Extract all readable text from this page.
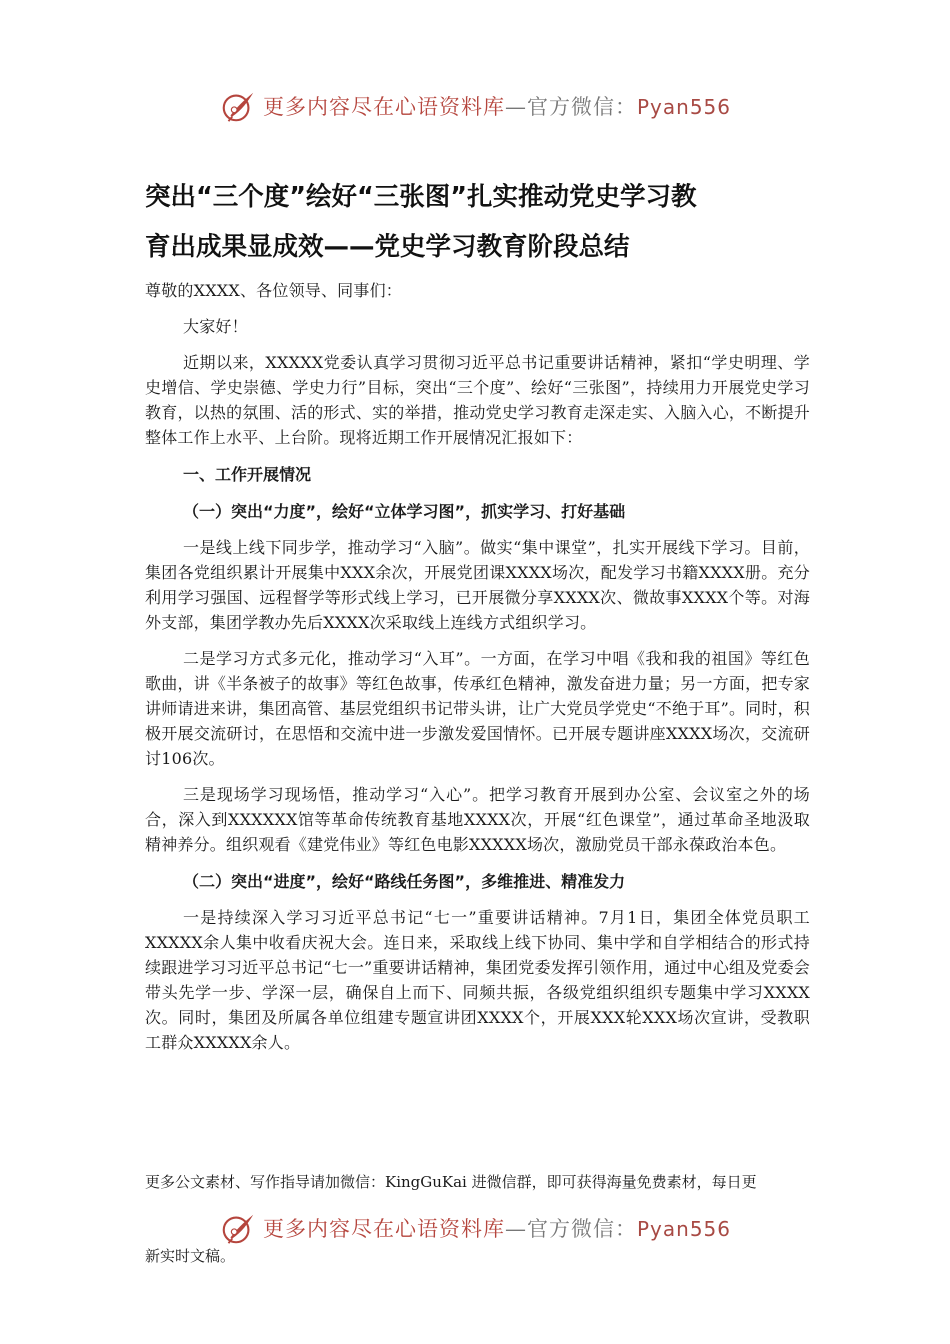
更多内容尽在心语资料库—官方微信：Pyan556
突出“三个度”绘好“三张图”扎实推动党史学习教
育出成果显成效——党史学习教育阶段总结

尊敬的XXXX、各位领导、同事们：

大家好！

近期以来，XXXXX党委认真学习贯彻习近平总书记重要讲话精神，紧扣“学史明理、学史增信、学史崇德、学史力行”目标，突出“三个度”、绘好“三张图”，持续用力开展党史学习教育，以热的氛围、活的形式、实的举措，推动党史学习教育走深走实、入脑入心，不断提升整体工作上水平、上台阶。现将近期工作开展情况汇报如下：

一、工作开展情况
（一）突出“力度”，绘好“立体学习图”，抓实学习、打好基础

一是线上线下同步学，推动学习“入脑”。做实“集中课堂”，扎实开展线下学习。目前，集团各党组织累计开展集中XXX余次，开展党团课XXXX场次，配发学习书籍XXXX册。充分利用学习强国、远程督学等形式线上学习，已开展微分享XXXX次、微故事XXXX个等。对海外支部，集团学教办先后XXXX次采取线上连线方式组织学习。

二是学习方式多元化，推动学习“入耳”。一方面，在学习中唱《我和我的祖国》等红色歌曲，讲《半条被子的故事》等红色故事，传承红色精神，激发奋进力量；另一方面，把专家讲师请进来讲，集团高管、基层党组织书记带头讲，让广大党员学党史“不绝于耳”。同时，积极开展交流研讨，在思悟和交流中进一步激发爱国情怀。已开展专题讲座XXXX场次，交流研讨106次。

三是现场学习现场悟，推动学习“入心”。把学习教育开展到办公室、会议室之外的场合，深入到XXXXXX馆等革命传统教育基地XXXX次，开展“红色课堂”，通过革命圣地汲取精神养分。组织观看《建党伟业》等红色电影XXXXX场次，激励党员干部永葆政治本色。

（二）突出“进度”，绘好“路线任务图”，多维推进、精准发力

一是持续深入学习习近平总书记“七一”重要讲话精神。7月1日，集团全体党员职工XXXXX余人集中收看庆祝大会。连日来，采取线上线下协同、集中学和自学相结合的形式持续跟进学习习近平总书记“七一”重要讲话精神，集团党委发挥引领作用，通过中心组及党委会带头先学一步、学深一层，确保自上而下、同频共振，各级党组织组织专题集中学习XXXX次。同时，集团及所属各单位组建专题宣讲团XXXX个，开展XXX轮XXX场次宣讲，受教职工群众XXXXX余人。

更多公文素材、写作指导请加微信：KingGuKai 进微信群，即可获得海量免费素材，每日更
更多内容尽在心语资料库—官方微信：Pyan556
新实时文稿。
